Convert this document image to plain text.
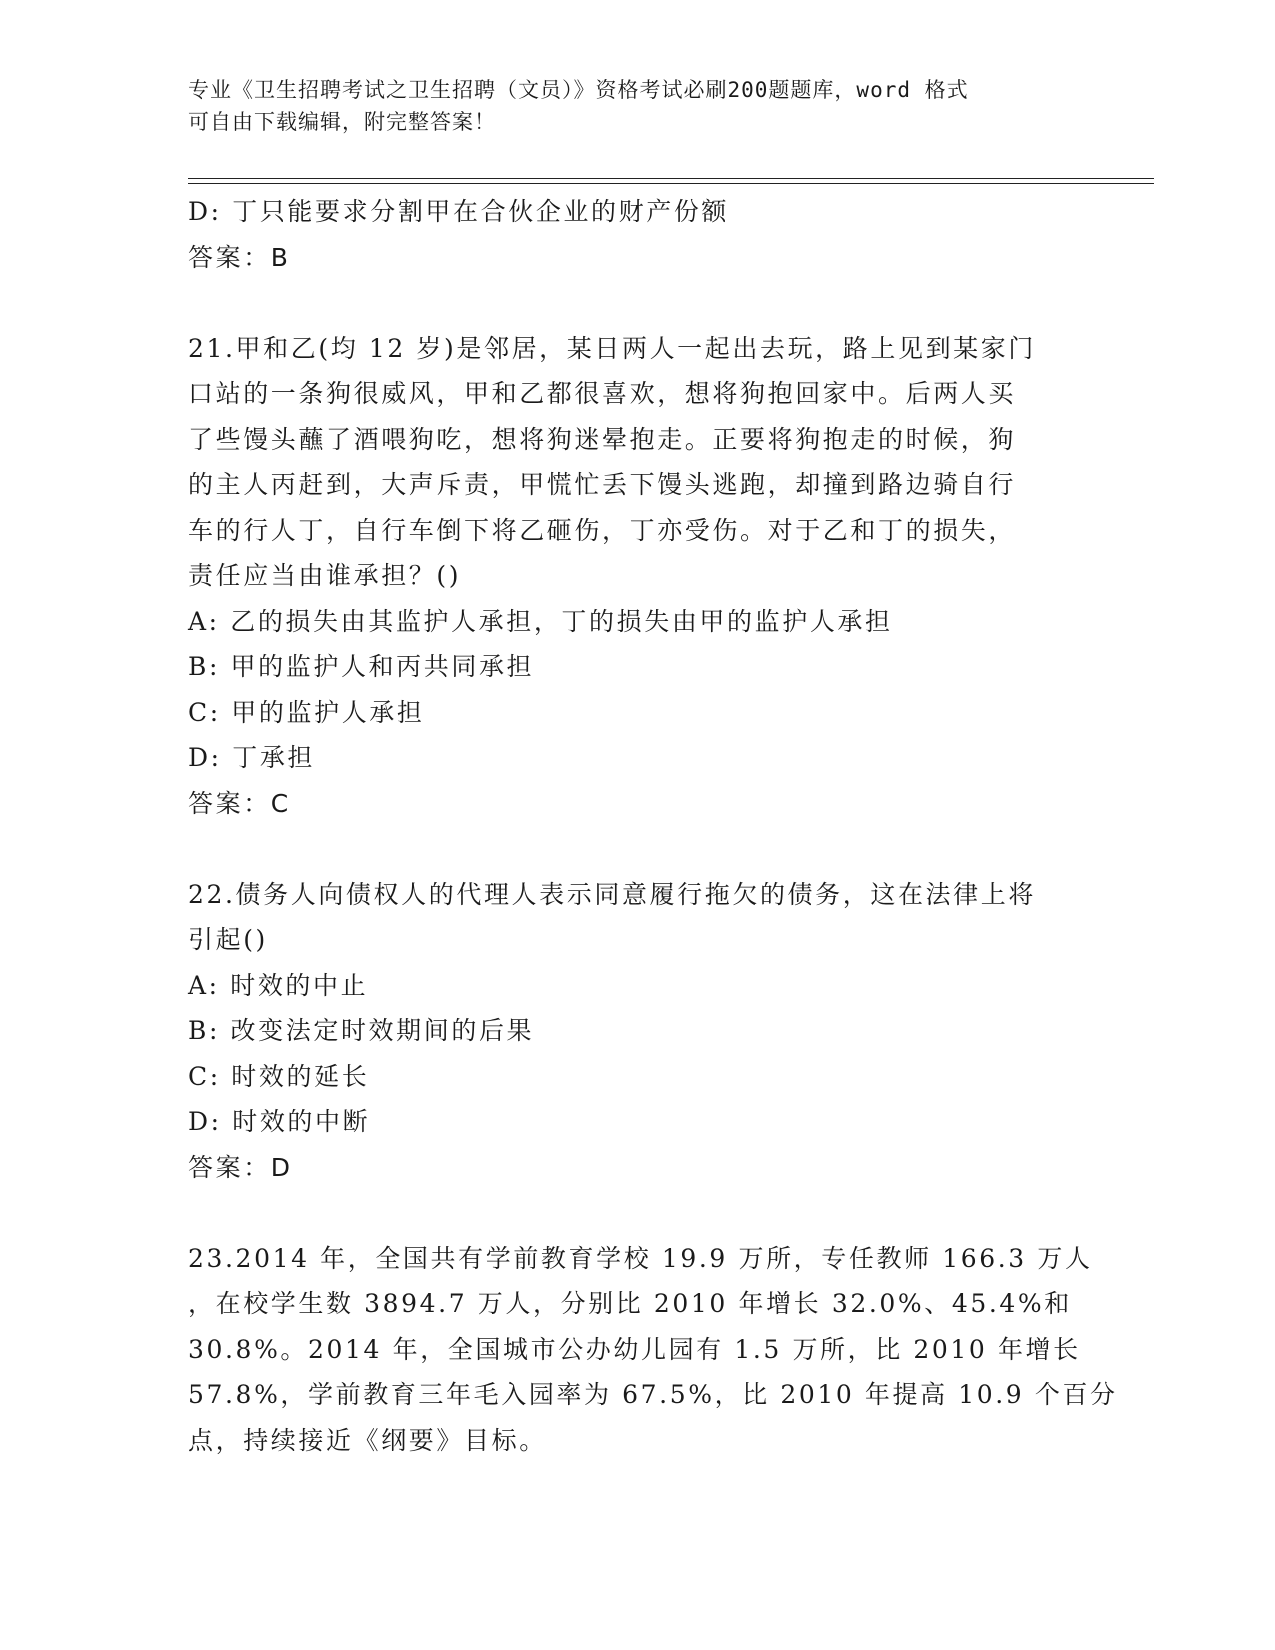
专业《卫生招聘考试之卫生招聘（文员）》资格考试必刷200题题库，word 格式
可自由下载编辑，附完整答案！
D: 丁只能要求分割甲在合伙企业的财产份额
答案：B
21.甲和乙(均 12 岁)是邻居，某日两人一起出去玩，路上见到某家门
口站的一条狗很威风，甲和乙都很喜欢，想将狗抱回家中。后两人买
了些馒头蘸了酒喂狗吃，想将狗迷晕抱走。正要将狗抱走的时候，狗
的主人丙赶到，大声斥责，甲慌忙丢下馒头逃跑，却撞到路边骑自行
车的行人丁，自行车倒下将乙砸伤，丁亦受伤。对于乙和丁的损失，
责任应当由谁承担？()
A: 乙的损失由其监护人承担，丁的损失由甲的监护人承担
B: 甲的监护人和丙共同承担
C: 甲的监护人承担
D: 丁承担
答案：C
22.债务人向债权人的代理人表示同意履行拖欠的债务，这在法律上将
引起()
A: 时效的中止
B: 改变法定时效期间的后果
C: 时效的延长
D: 时效的中断
答案：D
23.2014 年，全国共有学前教育学校 19.9 万所，专任教师 166.3 万人
，在校学生数 3894.7 万人，分别比 2010 年增长 32.0%、45.4%和
30.8%。2014 年，全国城市公办幼儿园有 1.5 万所，比 2010 年增长
57.8%，学前教育三年毛入园率为 67.5%，比 2010 年提高 10.9 个百分
点，持续接近《纲要》目标。
